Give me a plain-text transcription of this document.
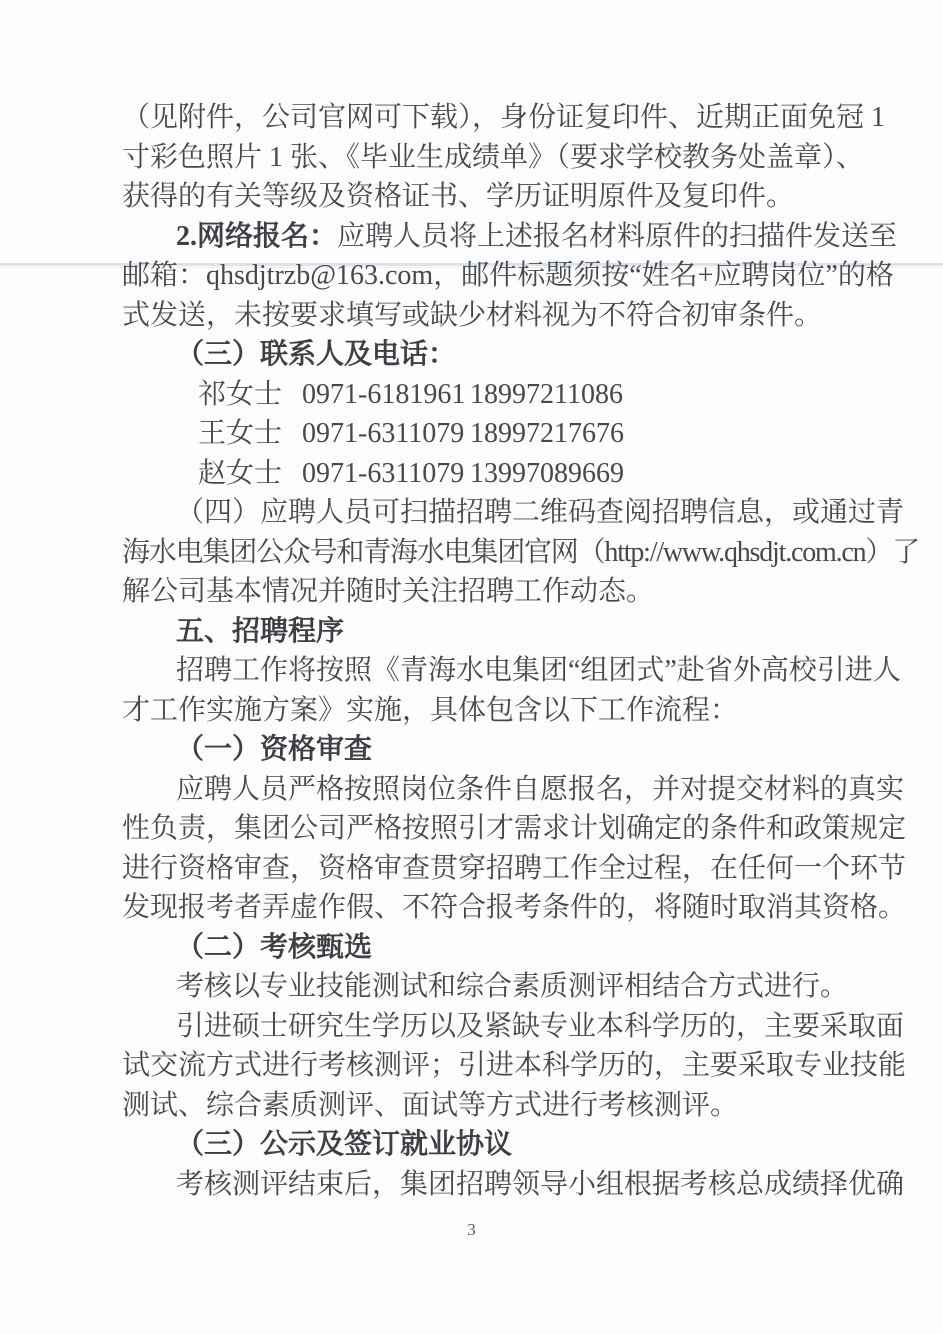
（见附件，公司官网可下载），身份证复印件、近期正面免冠 1
寸彩色照片 1 张、《毕业生成绩单》（要求学校教务处盖章）、
获得的有关等级及资格证书、学历证明原件及复印件。
2.网络报名：应聘人员将上述报名材料原件的扫描件发送至
邮箱：qhsdjtrzb@163.com，邮件标题须按“姓名+应聘岗位”的格
式发送，未按要求填写或缺少材料视为不符合初审条件。
（三）联系人及电话：
祁女士 0971-6181961 18997211086
王女士 0971-6311079 18997217676
赵女士 0971-6311079 13997089669
（四）应聘人员可扫描招聘二维码查阅招聘信息，或通过青
海水电集团公众号和青海水电集团官网（http://www.qhsdjt.com.cn）了
解公司基本情况并随时关注招聘工作动态。
五、招聘程序
招聘工作将按照《青海水电集团“组团式”赴省外高校引进人
才工作实施方案》实施，具体包含以下工作流程：
（一）资格审查
应聘人员严格按照岗位条件自愿报名，并对提交材料的真实
性负责，集团公司严格按照引才需求计划确定的条件和政策规定
进行资格审查，资格审查贯穿招聘工作全过程，在任何一个环节
发现报考者弄虚作假、不符合报考条件的，将随时取消其资格。
（二）考核甄选
考核以专业技能测试和综合素质测评相结合方式进行。
引进硕士研究生学历以及紧缺专业本科学历的，主要采取面
试交流方式进行考核测评；引进本科学历的，主要采取专业技能
测试、综合素质测评、面试等方式进行考核测评。
（三）公示及签订就业协议
考核测评结束后，集团招聘领导小组根据考核总成绩择优确
3
